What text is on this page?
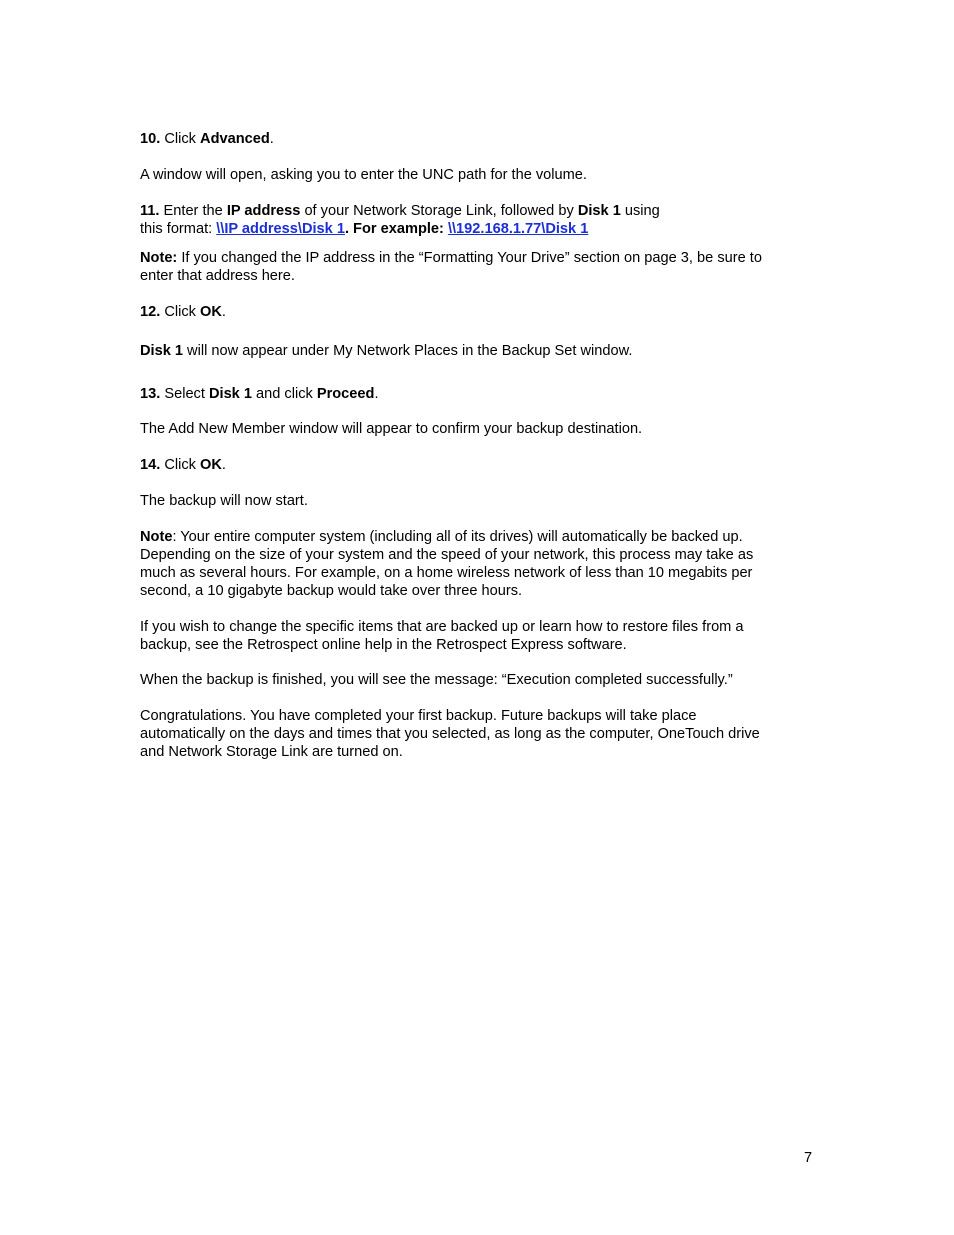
10. Click Advanced.
A window will open, asking you to enter the UNC path for the volume.
11. Enter the IP address of your Network Storage Link, followed by Disk 1 using
this format: \\IP address\Disk 1. For example: \\192.168.1.77\Disk 1
Note: If you changed the IP address in the “Formatting Your Drive” section on page 3, be sure to
enter that address here.
12. Click OK.
Disk 1 will now appear under My Network Places in the Backup Set window.
13. Select Disk 1 and click Proceed.
The Add New Member window will appear to confirm your backup destination.
14. Click OK.
The backup will now start.
Note: Your entire computer system (including all of its drives) will automatically be backed up.
Depending on the size of your system and the speed of your network, this process may take as
much as several hours. For example, on a home wireless network of less than 10 megabits per
second, a 10 gigabyte backup would take over three hours.
If you wish to change the specific items that are backed up or learn how to restore files from a
backup, see the Retrospect online help in the Retrospect Express software.
When the backup is finished, you will see the message: “Execution completed successfully.”
Congratulations. You have completed your first backup. Future backups will take place
automatically on the days and times that you selected, as long as the computer, OneTouch drive
and Network Storage Link are turned on.
7
